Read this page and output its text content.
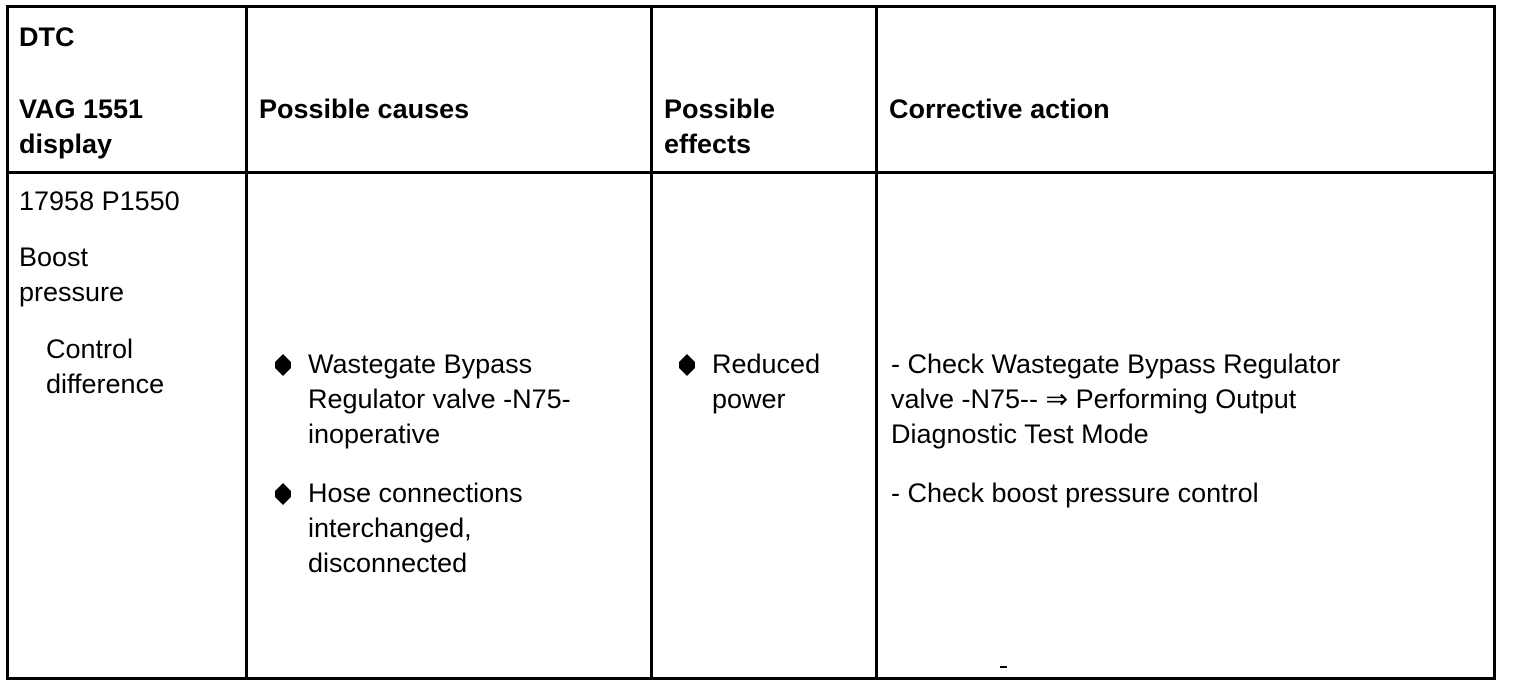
DTC
VAG 1551
display
Possible causes	Possible
effects
Corrective action
17958 P1550
Boost
pressure
Control
difference
Wastegate Bypass
Regulator valve -N75-
inoperative
Hose connections
interchanged,
disconnected
Reduced
power
- Check Wastegate Bypass Regulator
valve -N75-- ⇒ Performing Output
Diagnostic Test Mode
- Check boost pressure control
